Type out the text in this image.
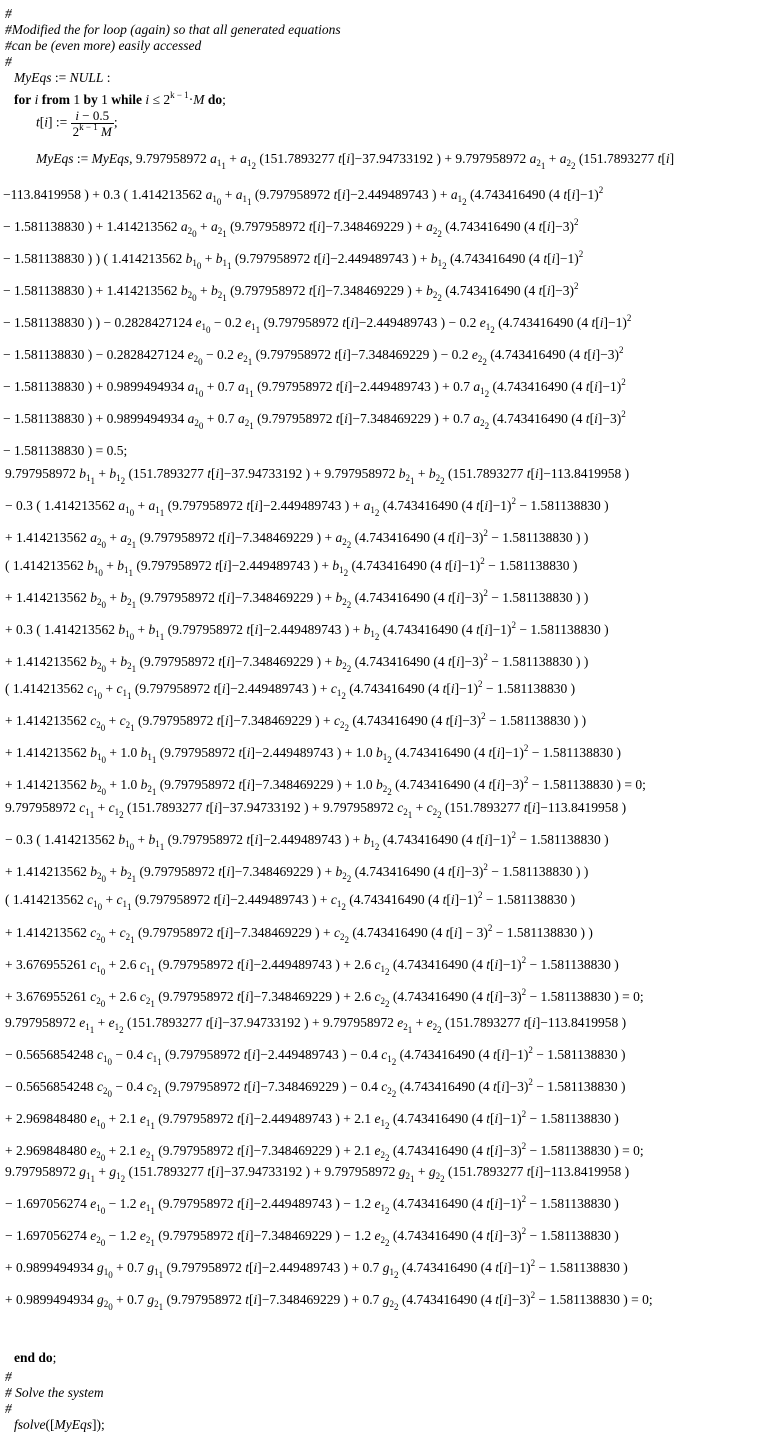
#
#Modified the for loop (again) so that all generated equations
#can be (even more) easily accessed
#
MyEqs := NULL :
for i from 1 by 1 while $i \le 2^{k - 1}\cdot M$ do;
t[i] := $\frac{i - 0.5}{2^{k - 1} M}$ ;
MyEqs := MyEqs, 9.797958972 $a_{1_1} + a_{1_2}$ (151.7893277 t[i]−37.94733192 ) + 9.797958972 $a_{2_1} + a_{2_2}$ (151.7893277 t[i]
−113.8419958 ) + 0.3 ( 1.414213562 $a_{1_0} + a_{1_1}$ (9.797958972 t[i]−2.449489743 ) + $a_{1_2}$ (4.743416490 (4 t[i]−1)$^2$
− 1.581138830 ) + 1.414213562 $a_{2_0} + a_{2_1}$ (9.797958972 t[i]−7.348469229 ) + $a_{2_2}$ (4.743416490 (4 t[i]−3)$^2$
− 1.581138830 ) ) ( 1.414213562 $b_{1_0} + b_{1_1}$ (9.797958972 t[i]−2.449489743 ) + $b_{1_2}$ (4.743416490 (4 t[i]−1)$^2$
− 1.581138830 ) + 1.414213562 $b_{2_0} + b_{2_1}$ (9.797958972 t[i]−7.348469229 ) + $b_{2_2}$ (4.743416490 (4 t[i]−3)$^2$
− 1.581138830 ) ) − 0.2828427124 $e_{1_0} - 0.2$ $e_{1_1}$ (9.797958972 t[i]−2.449489743 ) − 0.2 $e_{1_2}$ (4.743416490 (4 t[i]−1)$^2$
− 1.581138830 ) − 0.2828427124 $e_{2_0} - 0.2$ $e_{2_1}$ (9.797958972 t[i]−7.348469229 ) − 0.2 $e_{2_2}$ (4.743416490 (4 t[i]−3)$^2$
− 1.581138830 ) + 0.9899494934 $a_{1_0} + 0.7$ $a_{1_1}$ (9.797958972 t[i]−2.449489743 ) + 0.7 $a_{1_2}$ (4.743416490 (4 t[i]−1)$^2$
− 1.581138830 ) + 0.9899494934 $a_{2_0} + 0.7$ $a_{2_1}$ (9.797958972 t[i]−7.348469229 ) + 0.7 $a_{2_2}$ (4.743416490 (4 t[i]−3)$^2$
− 1.581138830 ) = 0.5;
9.797958972 $b_{1_1} + b_{1_2}$ (151.7893277 t[i]−37.94733192 ) + 9.797958972 $b_{2_1} + b_{2_2}$ (151.7893277 t[i]−113.8419958 )
− 0.3 ( 1.414213562 $a_{1_0} + a_{1_1}$ (9.797958972 t[i]−2.449489743 ) + $a_{1_2}$ (4.743416490 (4 t[i]−1)$^2$ − 1.581138830 )
+ 1.414213562 $a_{2_0} + a_{2_1}$ (9.797958972 t[i]−7.348469229 ) + $a_{2_2}$ (4.743416490 (4 t[i]−3)$^2$ − 1.581138830 ) )
( 1.414213562 $b_{1_0} + b_{1_1}$ (9.797958972 t[i]−2.449489743 ) + $b_{1_2}$ (4.743416490 (4 t[i]−1)$^2$ − 1.581138830 )
+ 1.414213562 $b_{2_0} + b_{2_1}$ (9.797958972 t[i]−7.348469229 ) + $b_{2_2}$ (4.743416490 (4 t[i]−3)$^2$ − 1.581138830 ) )
+ 0.3 ( 1.414213562 $b_{1_0} + b_{1_1}$ (9.797958972 t[i]−2.449489743 ) + $b_{1_2}$ (4.743416490 (4 t[i]−1)$^2$ − 1.581138830 )
+ 1.414213562 $b_{2_0} + b_{2_1}$ (9.797958972 t[i]−7.348469229 ) + $b_{2_2}$ (4.743416490 (4 t[i]−3)$^2$ − 1.581138830 ) )
( 1.414213562 $c_{1_0} + c_{1_1}$ (9.797958972 t[i]−2.449489743 ) + $c_{1_2}$ (4.743416490 (4 t[i]−1)$^2$ − 1.581138830 )
+ 1.414213562 $c_{2_0} + c_{2_1}$ (9.797958972 t[i]−7.348469229 ) + $c_{2_2}$ (4.743416490 (4 t[i]−3)$^2$ − 1.581138830 ) )
+ 1.414213562 $b_{1_0} + 1.0$ $b_{1_1}$ (9.797958972 t[i]−2.449489743 ) + 1.0 $b_{1_2}$ (4.743416490 (4 t[i]−1)$^2$ − 1.581138830 )
+ 1.414213562 $b_{2_0} + 1.0$ $b_{2_1}$ (9.797958972 t[i]−7.348469229 ) + 1.0 $b_{2_2}$ (4.743416490 (4 t[i]−3)$^2$ − 1.581138830 ) = 0;
9.797958972 $c_{1_1} + c_{1_2}$ (151.7893277 t[i]−37.94733192 ) + 9.797958972 $c_{2_1} + c_{2_2}$ (151.7893277 t[i]−113.8419958 )
− 0.3 ( 1.414213562 $b_{1_0} + b_{1_1}$ (9.797958972 t[i]−2.449489743 ) + $b_{1_2}$ (4.743416490 (4 t[i]−1)$^2$ − 1.581138830 )
+ 1.414213562 $b_{2_0} + b_{2_1}$ (9.797958972 t[i]−7.348469229 ) + $b_{2_2}$ (4.743416490 (4 t[i]−3)$^2$ − 1.581138830 ) )
( 1.414213562 $c_{1_0} + c_{1_1}$ (9.797958972 t[i]−2.449489743 ) + $c_{1_2}$ (4.743416490 (4 t[i]−1)$^2$ − 1.581138830 )
+ 1.414213562 $c_{2_0} + c_{2_1}$ (9.797958972 t[i]−7.348469229 ) + $c_{2_2}$ (4.743416490 (4 t[i] − 3)$^2$ − 1.581138830 ) )
+ 3.676955261 $c_{1_0} + 2.6$ $c_{1_1}$ (9.797958972 t[i]−2.449489743 ) + 2.6 $c_{1_2}$ (4.743416490 (4 t[i]−1)$^2$ − 1.581138830 )
+ 3.676955261 $c_{2_0} + 2.6$ $c_{2_1}$ (9.797958972 t[i]−7.348469229 ) + 2.6 $c_{2_2}$ (4.743416490 (4 t[i]−3)$^2$ − 1.581138830 ) = 0;
9.797958972 $e_{1_1} + e_{1_2}$ (151.7893277 t[i]−37.94733192 ) + 9.797958972 $e_{2_1} + e_{2_2}$ (151.7893277 t[i]−113.8419958 )
− 0.5656854248 $c_{1_0} - 0.4$ $c_{1_1}$ (9.797958972 t[i]−2.449489743 ) − 0.4 $c_{1_2}$ (4.743416490 (4 t[i]−1)$^2$ − 1.581138830 )
− 0.5656854248 $c_{2_0} - 0.4$ $c_{2_1}$ (9.797958972 t[i]−7.348469229 ) − 0.4 $c_{2_2}$ (4.743416490 (4 t[i]−3)$^2$ − 1.581138830 )
+ 2.969848480 $e_{1_0} + 2.1$ $e_{1_1}$ (9.797958972 t[i]−2.449489743 ) + 2.1 $e_{1_2}$ (4.743416490 (4 t[i]−1)$^2$ − 1.581138830 )
+ 2.969848480 $e_{2_0} + 2.1$ $e_{2_1}$ (9.797958972 t[i]−7.348469229 ) + 2.1 $e_{2_2}$ (4.743416490 (4 t[i]−3)$^2$ − 1.581138830 ) = 0;
9.797958972 $g_{1_1} + g_{1_2}$ (151.7893277 t[i]−37.94733192 ) + 9.797958972 $g_{2_1} + g_{2_2}$ (151.7893277 t[i]−113.8419958 )
− 1.697056274 $e_{1_0} - 1.2$ $e_{1_1}$ (9.797958972 t[i]−2.449489743 ) − 1.2 $e_{1_2}$ (4.743416490 (4 t[i]−1)$^2$ − 1.581138830 )
− 1.697056274 $e_{2_0} - 1.2$ $e_{2_1}$ (9.797958972 t[i]−7.348469229 ) − 1.2 $e_{2_2}$ (4.743416490 (4 t[i]−3)$^2$ − 1.581138830 )
+ 0.9899494934 $g_{1_0} + 0.7$ $g_{1_1}$ (9.797958972 t[i]−2.449489743 ) + 0.7 $g_{1_2}$ (4.743416490 (4 t[i]−1)$^2$ − 1.581138830 )
+ 0.9899494934 $g_{2_0} + 0.7$ $g_{2_1}$ (9.797958972 t[i]−7.348469229 ) + 0.7 $g_{2_2}$ (4.743416490 (4 t[i]−3)$^2$ − 1.581138830 ) = 0;
end do;
#
# Solve the system
#
fsolve([MyEqs]);
